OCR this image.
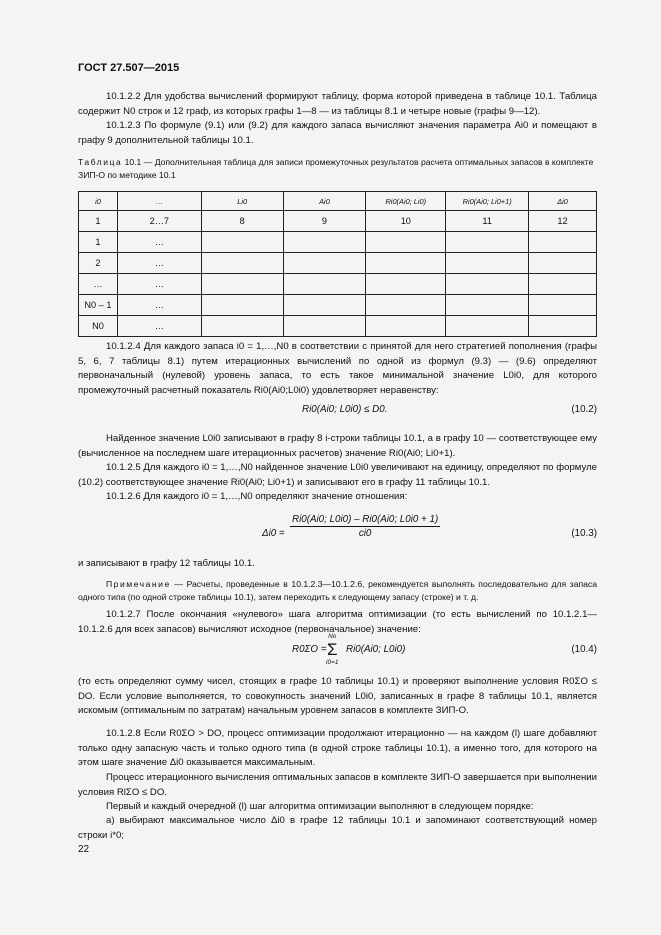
ГОСТ 27.507—2015
10.1.2.2 Для удобства вычислений формируют таблицу, форма которой приведена в таблице 10.1. Таблица содержит N0 строк и 12 граф, из которых графы 1—8 — из таблицы 8.1 и четыре новые (графы 9—12).
10.1.2.3 По формуле (9.1) или (9.2) для каждого запаса вычисляют значения параметра Ai0 и помещают в графу 9 дополнительной таблицы 10.1.
Таблица 10.1 — Дополнительная таблица для записи промежуточных результатов расчета оптимальных запасов в комплекте ЗИП-О по методике 10.1
i0	…	Li0	Ai0	Ri0(Ai0; Li0)	Ri0(Ai0; Li0+1)	Δi0
1	2…7	8	9	10	11	12
1	…					
2	…					
…	…					
N0 – 1	…					
N0	…					
10.1.2.4 Для каждого запаса i0 = 1,…,N0 в соответствии с принятой для него стратегией пополнения (графы 5, 6, 7 таблицы 8.1) путем итерационных вычислений по одной из формул (9.3) — (9.6) определяют первоначальный (нулевой) уровень запаса, то есть такое минимальной значение L0i0, для которого промежуточный расчетный показатель Ri0(Ai0;L0i0) удовлетворяет неравенству:
Ri0(Ai0; L0i0) ≤ D0.	(10.2)
Найденное значение L0i0 записывают в графу 8 i-строки таблицы 10.1, а в графу 10 — соответствующее ему (вычисленное на последнем шаге итерационных расчетов) значение Ri0(Ai0; Li0+1).
10.1.2.5 Для каждого i0 = 1,…,N0 найденное значение L0i0 увеличивают на единицу, определяют по формуле (10.2) соответствующее значение Ri0(Ai0; Li0+1) и записывают его в графу 11 таблицы 10.1.
10.1.2.6 Для каждого i0 = 1,…,N0 определяют значение отношения:
$\Delta i0 = \frac{Ri0(Ai0; L0i0) - Ri0(Ai0; L0i0 + 1)}{ci0}$	(10.3)
и записывают в графу 12 таблицы 10.1.
Примечание — Расчеты, проведенные в 10.1.2.3—10.1.2.6, рекомендуется выполнять последовательно для запаса одного типа (по одной строке таблицы 10.1), затем переходить к следующему запасу (строке) и т. д.
10.1.2.7 После окончания «нулевого» шага алгоритма оптимизации (то есть вычислений по 10.1.2.1—10.1.2.6 для всех запасов) вычисляют исходное (первоначальное) значение:
R0ΣO =
No
Σ
i0=1
Ri0(Ai0; L0i0)	(10.4)
(то есть определяют сумму чисел, стоящих в графе 10 таблицы 10.1) и проверяют выполнение условия R0ΣO ≤ DO. Если условие выполняется, то совокупность значений L0i0, записанных в графе 8 таблицы 10.1, является искомым (оптимальным по затратам) начальным уровнем запасов в комплекте ЗИП-О.
10.1.2.8 Если R0ΣO > DO, процесс оптимизации продолжают итерационно — на каждом (l) шаге добавляют только одну запасную часть и только одного типа (в одной строке таблицы 10.1), а именно того, для которого на этом шаге значение Δi0 оказывается максимальным.
Процесс итерационного вычисления оптимальных запасов в комплекте ЗИП-О завершается при выполнении условия RlΣO ≤ DO.
Первый и каждый очередной (l) шаг алгоритма оптимизации выполняют в следующем порядке:
а) выбирают максимальное число Δi0 в графе 12 таблицы 10.1 и запоминают соответствующий номер строки i*0;
22
